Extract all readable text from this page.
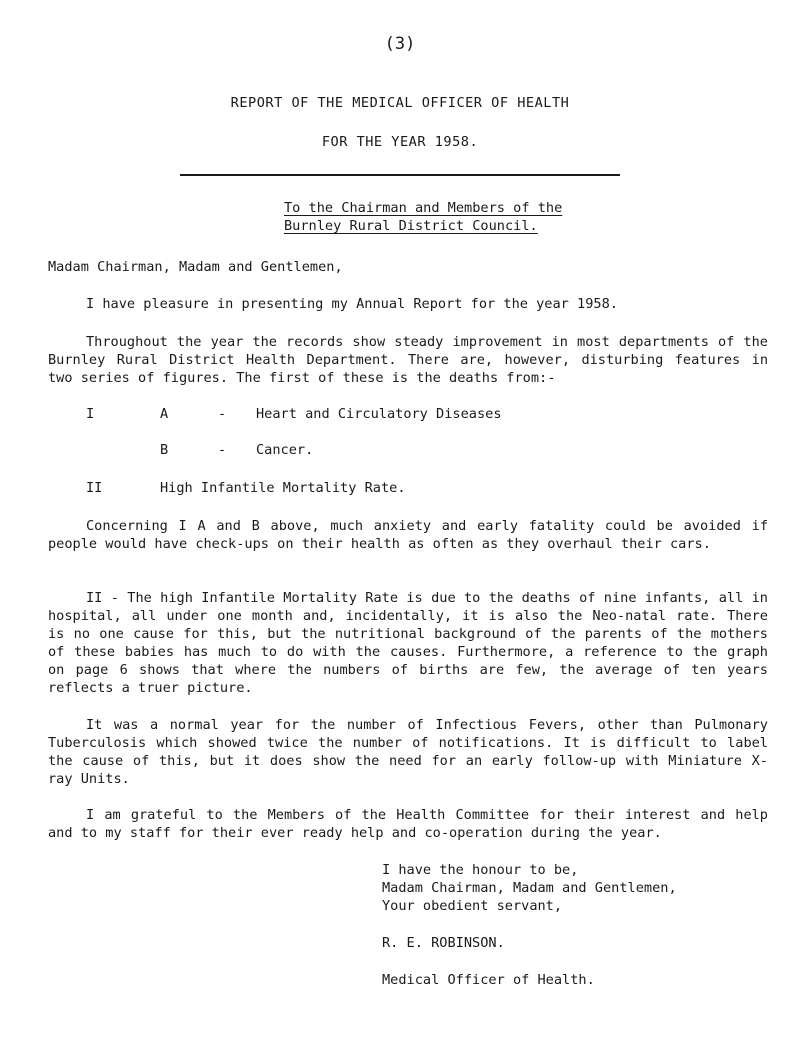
(3)
REPORT OF THE MEDICAL OFFICER OF HEALTH
FOR THE YEAR 1958.
To the Chairman and Members of the
Burnley Rural District Council.
Madam Chairman, Madam and Gentlemen,
I have pleasure in presenting my Annual Report for the year 1958.
Throughout the year the records show steady improvement in most departments of the Burnley Rural District Health Department. There are, however, disturbing features in two series of figures. The first of these is the deaths from:-
I	A	- Heart and Circulatory Diseases
B	- Cancer.
II	High Infantile Mortality Rate.
Concerning I A and B above, much anxiety and early fatality could be avoided if people would have check-ups on their health as often as they overhaul their cars.
II - The high Infantile Mortality Rate is due to the deaths of nine infants, all in hospital, all under one month and, incidentally, it is also the Neo-natal rate. There is no one cause for this, but the nutritional background of the parents of the mothers of these babies has much to do with the causes. Furthermore, a reference to the graph on page 6 shows that where the numbers of births are few, the average of ten years reflects a truer picture.
It was a normal year for the number of Infectious Fevers, other than Pulmonary Tuberculosis which showed twice the number of notifications. It is difficult to label the cause of this, but it does show the need for an early follow-up with Miniature X-ray Units.
I am grateful to the Members of the Health Committee for their interest and help and to my staff for their ever ready help and co-operation during the year.
I have the honour to be,
Madam Chairman, Madam and Gentlemen,
Your obedient servant,
R. E. ROBINSON.
Medical Officer of Health.
